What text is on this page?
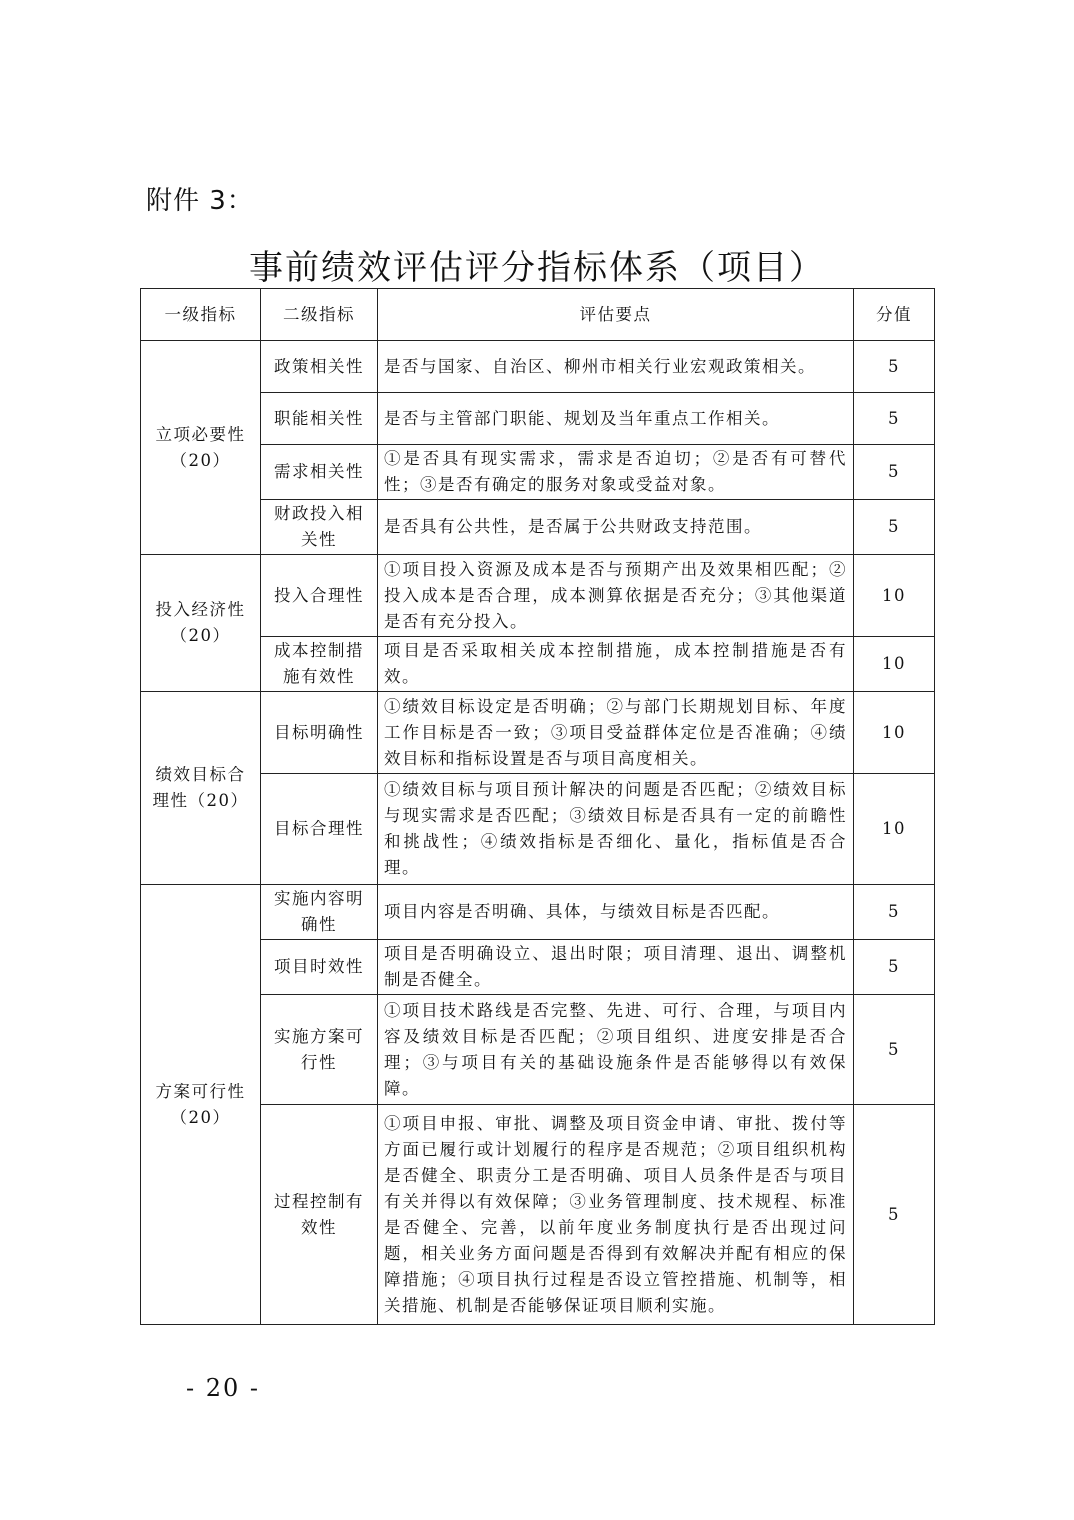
附件 3：
事前绩效评估评分指标体系（项目）
一级指标	二级指标	评估要点	分值

立项必要性
（20）	政策相关性	是否与国家、自治区、柳州市相关行业宏观政策相关。	5
	职能相关性	是否与主管部门职能、规划及当年重点工作相关。	5
	需求相关性	①是否具有现实需求，需求是否迫切；②是否有可替代性；③是否有确定的服务对象或受益对象。	5
	财政投入相关性	是否具有公共性，是否属于公共财政支持范围。	5

投入经济性
（20）	投入合理性	①项目投入资源及成本是否与预期产出及效果相匹配；②投入成本是否合理，成本测算依据是否充分；③其他渠道是否有充分投入。	10
	成本控制措施有效性	项目是否采取相关成本控制措施，成本控制措施是否有效。	10

绩效目标合理性（20）	目标明确性	①绩效目标设定是否明确；②与部门长期规划目标、年度工作目标是否一致；③项目受益群体定位是否准确；④绩效目标和指标设置是否与项目高度相关。	10
	目标合理性	①绩效目标与项目预计解决的问题是否匹配；②绩效目标与现实需求是否匹配；③绩效目标是否具有一定的前瞻性和挑战性；④绩效指标是否细化、量化，指标值是否合理。	10

方案可行性
（20）	实施内容明确性	项目内容是否明确、具体，与绩效目标是否匹配。	5
	项目时效性	项目是否明确设立、退出时限；项目清理、退出、调整机制是否健全。	5
	实施方案可行性	①项目技术路线是否完整、先进、可行、合理，与项目内容及绩效目标是否匹配；②项目组织、进度安排是否合理；③与项目有关的基础设施条件是否能够得以有效保障。	5
	过程控制有效性	①项目申报、审批、调整及项目资金申请、审批、拨付等方面已履行或计划履行的程序是否规范；②项目组织机构是否健全、职责分工是否明确、项目人员条件是否与项目有关并得以有效保障；③业务管理制度、技术规程、标准是否健全、完善，以前年度业务制度执行是否出现过问题，相关业务方面问题是否得到有效解决并配有相应的保障措施；④项目执行过程是否设立管控措施、机制等，相关措施、机制是否能够保证项目顺利实施。	5
- 20 -
